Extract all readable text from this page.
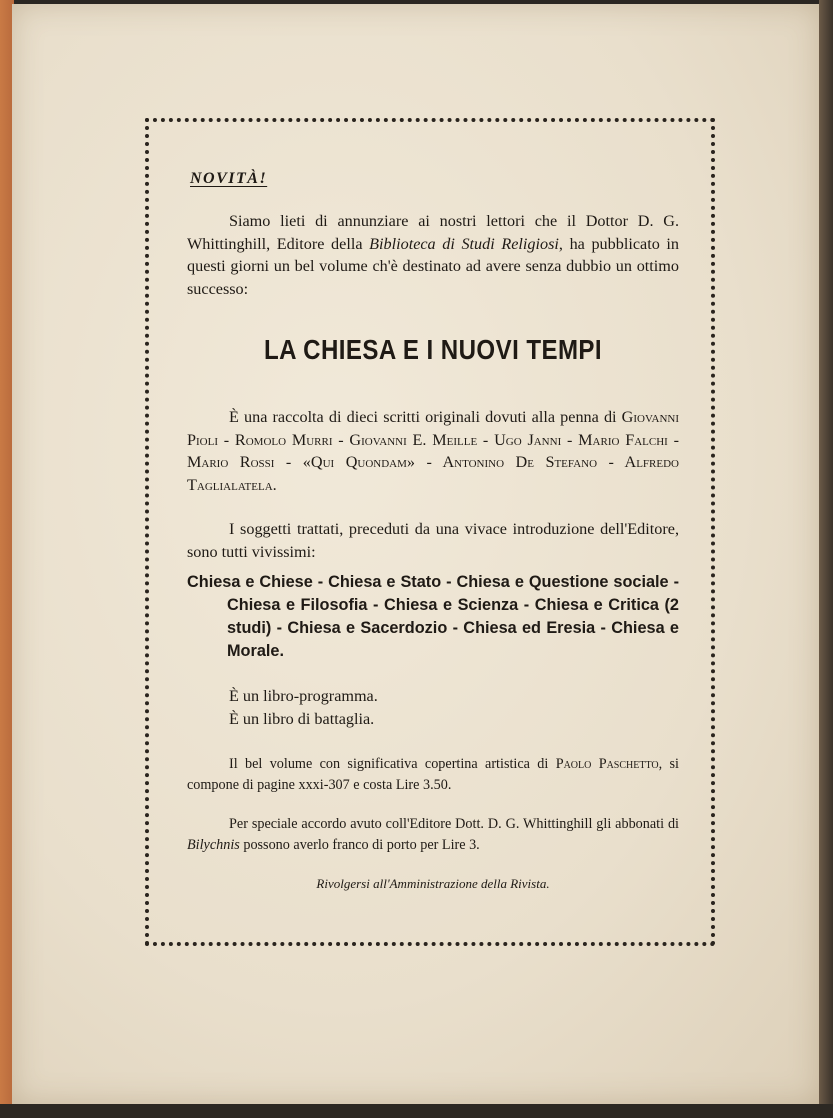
NOVITÀ!

Siamo lieti di annunziare ai nostri lettori che il Dottor D. G. Whittinghill, Editore della Biblioteca di Studi Religiosi, ha pubblicato in questi giorni un bel volume ch'è destinato ad avere senza dubbio un ottimo successo:

LA CHIESA E I NUOVI TEMPI

È una raccolta di dieci scritti originali dovuti alla penna di Giovanni Pioli - Romolo Murri - Giovanni E. Meille - Ugo Janni - Mario Falchi - Mario Rossi - «Qui Quondam» - Antonino De Stefano - Alfredo Taglialatela.

I soggetti trattati, preceduti da una vivace introduzione dell'Editore, sono tutti vivissimi:

Chiesa e Chiese - Chiesa e Stato - Chiesa e Questione sociale - Chiesa e Filosofia - Chiesa e Scienza - Chiesa e Critica (2 studi) - Chiesa e Sacerdozio - Chiesa ed Eresia - Chiesa e Morale.

È un libro-programma.

È un libro di battaglia.

Il bel volume con significativa copertina artistica di Paolo Paschetto, si compone di pagine xxxi-307 e costa Lire 3.50.

Per speciale accordo avuto coll'Editore Dott. D. G. Whittinghill gli abbonati di Bilychnis possono averlo franco di porto per Lire 3.

Rivolgersi all'Amministrazione della Rivista.
